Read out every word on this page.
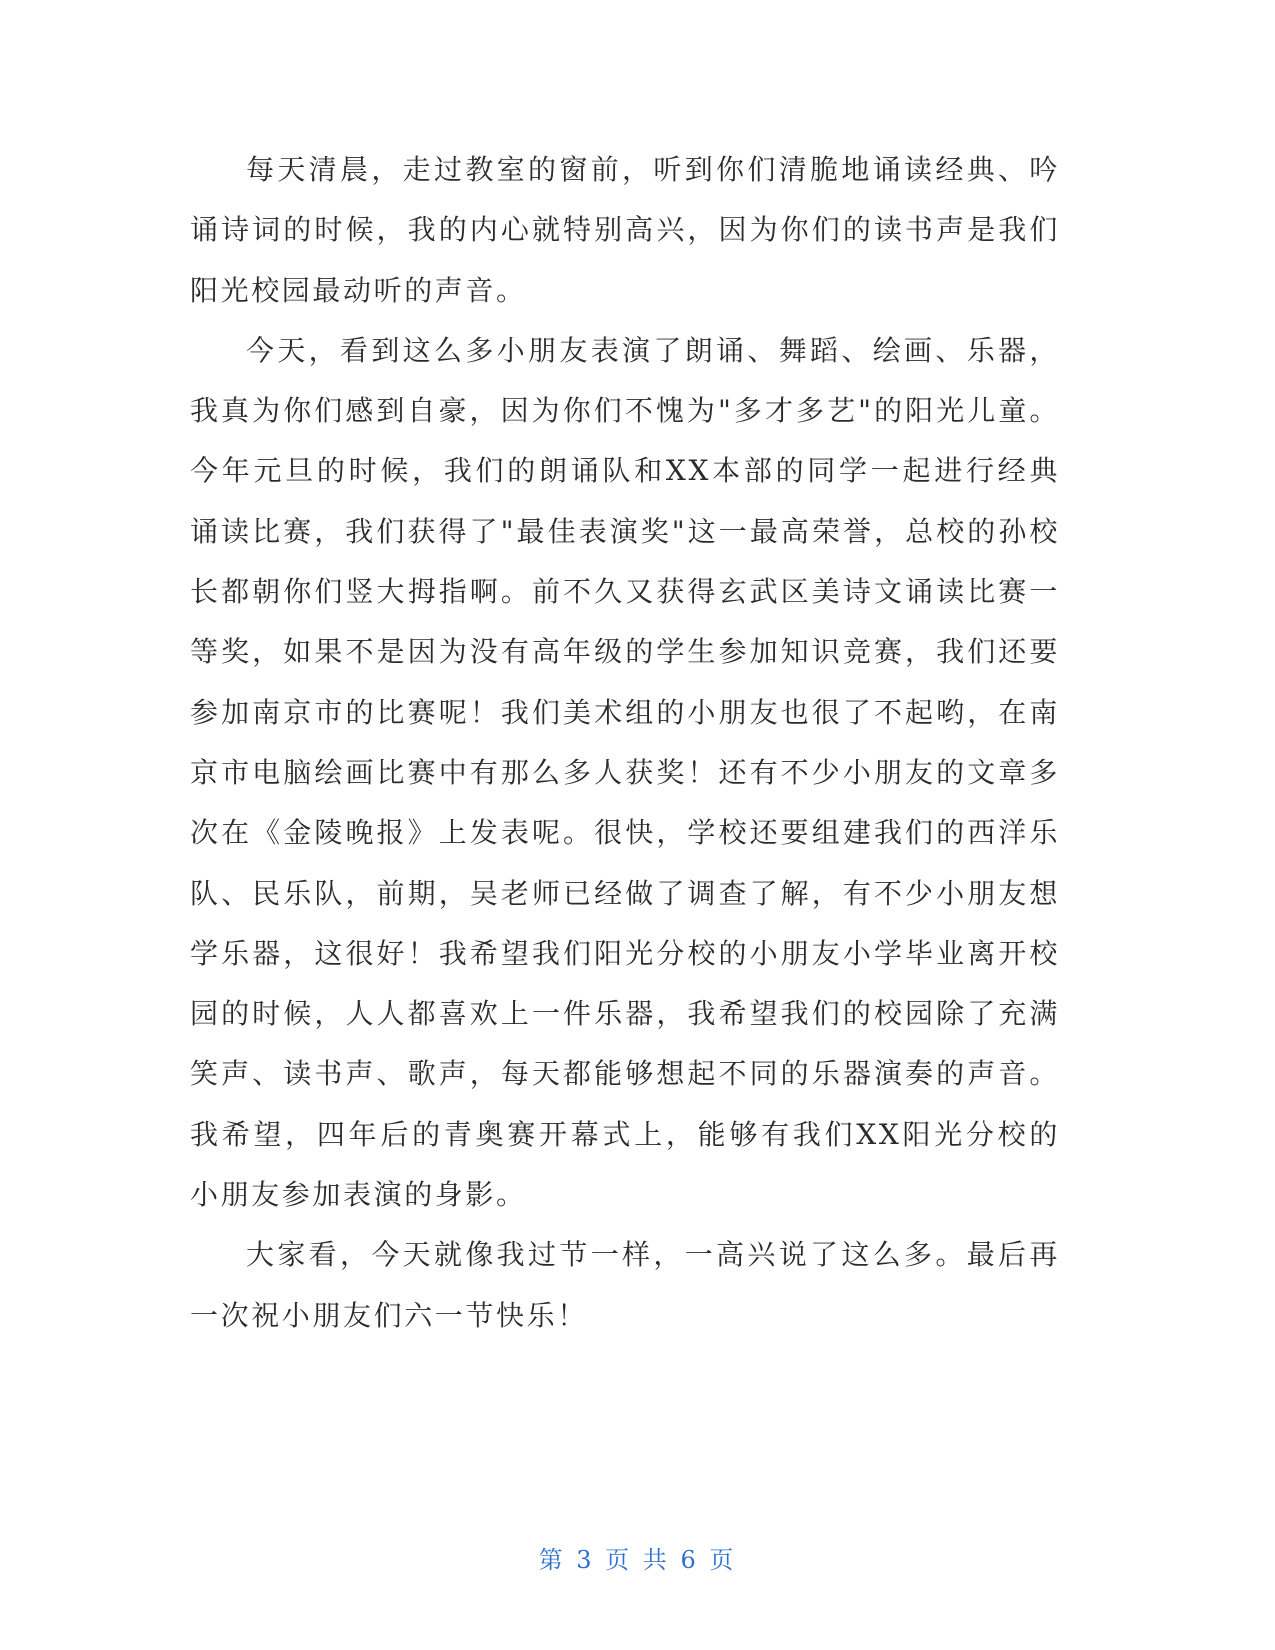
每天清晨，走过教室的窗前，听到你们清脆地诵读经典、吟诵诗词的时候，我的内心就特别高兴，因为你们的读书声是我们阳光校园最动听的声音。

今天，看到这么多小朋友表演了朗诵、舞蹈、绘画、乐器，我真为你们感到自豪，因为你们不愧为"多才多艺"的阳光儿童。今年元旦的时候，我们的朗诵队和XX本部的同学一起进行经典诵读比赛，我们获得了"最佳表演奖"这一最高荣誉，总校的孙校长都朝你们竖大拇指啊。前不久又获得玄武区美诗文诵读比赛一等奖，如果不是因为没有高年级的学生参加知识竞赛，我们还要参加南京市的比赛呢！我们美术组的小朋友也很了不起哟，在南京市电脑绘画比赛中有那么多人获奖！还有不少小朋友的文章多次在《金陵晚报》上发表呢。很快，学校还要组建我们的西洋乐队、民乐队，前期，吴老师已经做了调查了解，有不少小朋友想学乐器，这很好！我希望我们阳光分校的小朋友小学毕业离开校园的时候，人人都喜欢上一件乐器，我希望我们的校园除了充满笑声、读书声、歌声，每天都能够想起不同的乐器演奏的声音。我希望，四年后的青奥赛开幕式上，能够有我们XX阳光分校的小朋友参加表演的身影。

大家看，今天就像我过节一样，一高兴说了这么多。最后再一次祝小朋友们六一节快乐！

第 3 页 共 6 页
